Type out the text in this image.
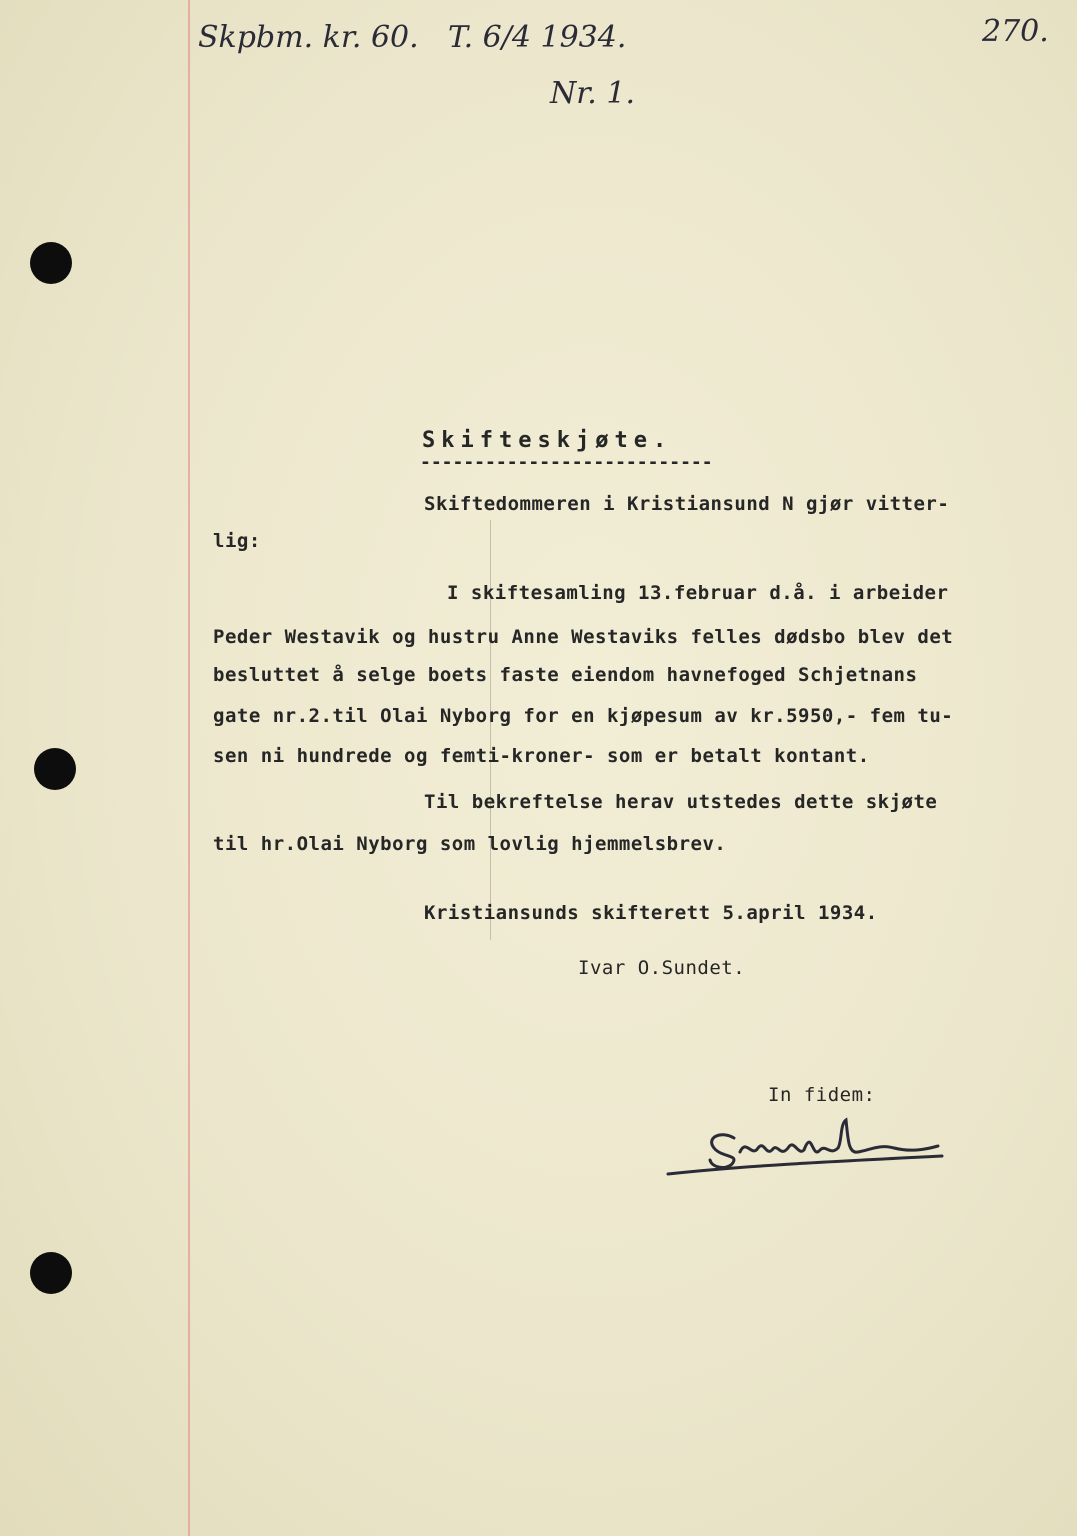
Skpbm. kr. 60. T. 6/4 1934.
Nr. 1.
270.
Skifteskjøte.
---------------------------
Skiftedommeren i Kristiansund N gjør vitter-
lig:
I skiftesamling 13.februar d.å. i arbeider
Peder Westavik og hustru Anne Westaviks felles dødsbo blev det
besluttet å selge boets faste eiendom havnefoged Schjetnans
gate nr.2.til Olai Nyborg for en kjøpesum av kr.5950,- fem tu-
sen ni hundrede og femti-kroner- som er betalt kontant.
Til bekreftelse herav utstedes dette skjøte
til hr.Olai Nyborg som lovlig hjemmelsbrev.
Kristiansunds skifterett 5.april 1934.
Ivar O.Sundet.
In fidem:
